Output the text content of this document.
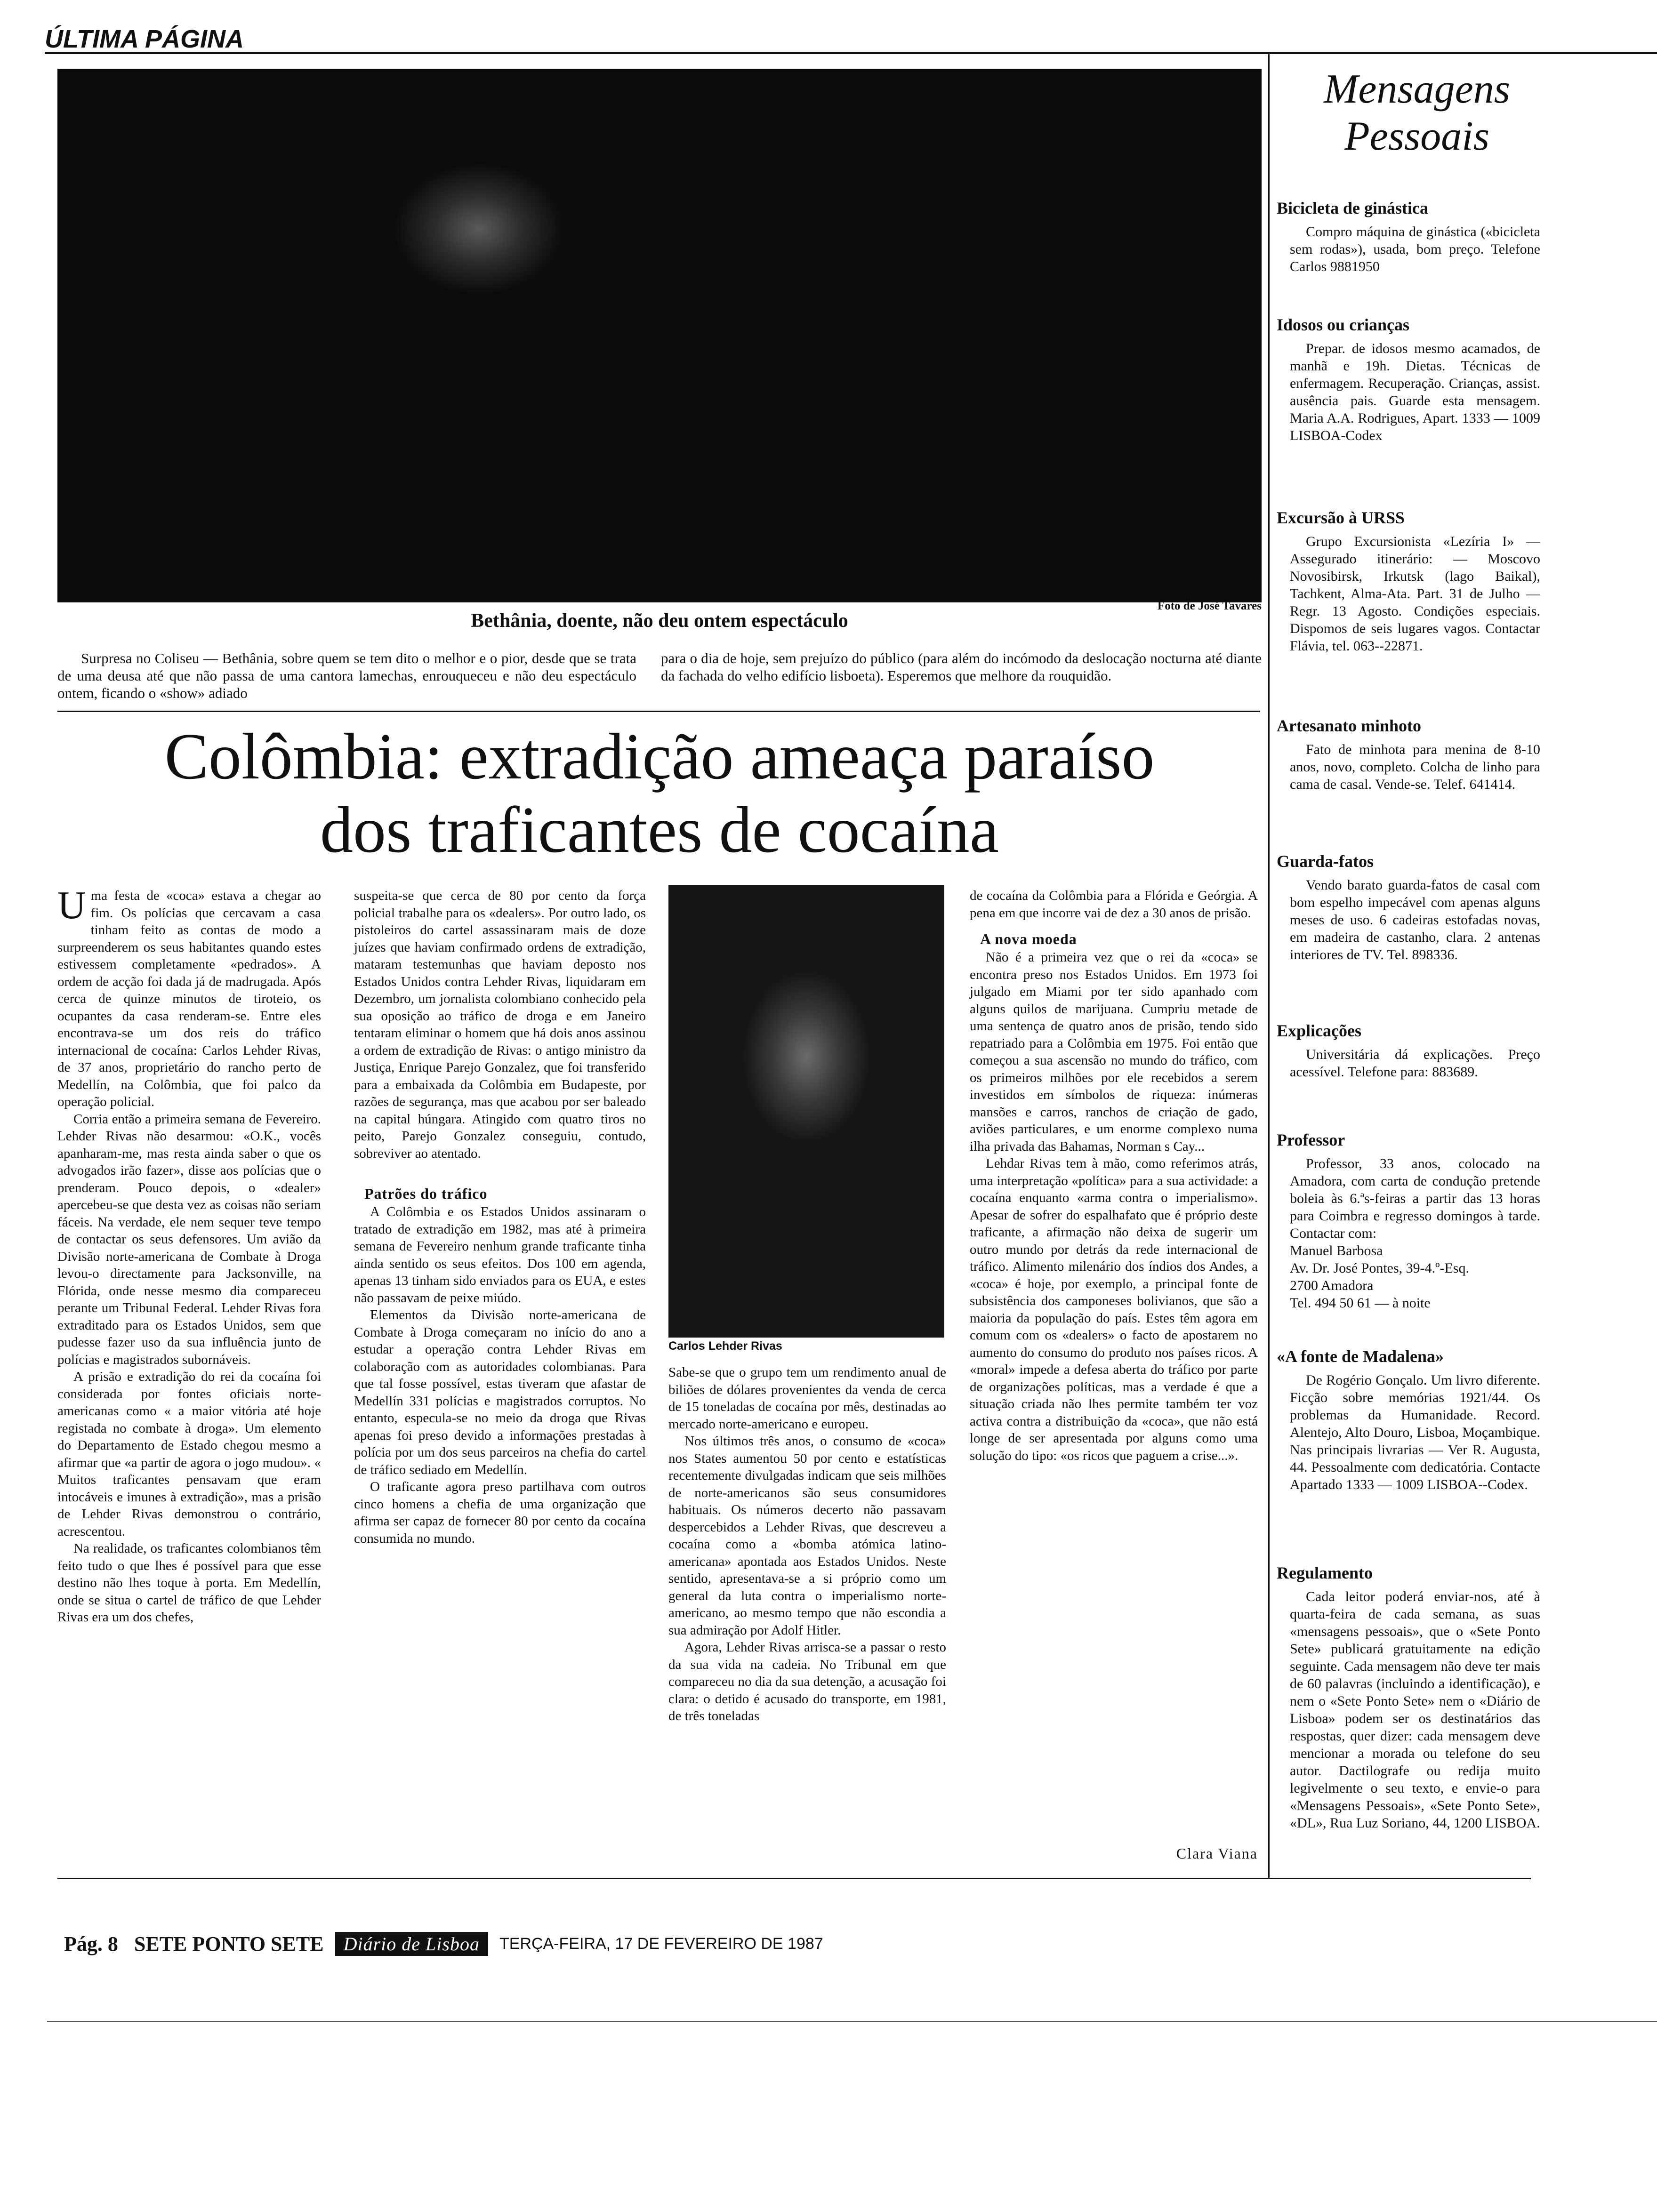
ÚLTIMA PÁGINA
Foto de José Tavares
Bethânia, doente, não deu ontem espectáculo
Surpresa no Coliseu — Bethânia, sobre quem se tem dito o melhor e o pior, desde que se trata de uma deusa até que não passa de uma cantora lamechas, enrouqueceu e não deu espectáculo ontem, ficando o «show» adiado
para o dia de hoje, sem prejuízo do público (para além do incómodo da deslocação nocturna até diante da fachada do velho edifício lisboeta). Esperemos que melhore da rouquidão.
Colômbia: extradição ameaça paraíso
dos traficantes de cocaína

Uma festa de «coca» estava a chegar ao fim. Os polícias que cercavam a casa tinham feito as contas de modo a surpreenderem os seus habitantes quando estes estivessem completamente «pedrados». A ordem de acção foi dada já de madrugada. Após cerca de quinze minutos de tiroteio, os ocupantes da casa renderam-se. Entre eles encontrava-se um dos reis do tráfico internacional de cocaína: Carlos Lehder Rivas, de 37 anos, proprietário do rancho perto de Medellín, na Colômbia, que foi palco da operação policial.

Corria então a primeira semana de Fevereiro. Lehder Rivas não desarmou: «O.K., vocês apanharam-me, mas resta ainda saber o que os advogados irão fazer», disse aos polícias que o prenderam. Pouco depois, o «dealer» apercebeu-se que desta vez as coisas não seriam fáceis. Na verdade, ele nem sequer teve tempo de contactar os seus defensores. Um avião da Divisão norte-americana de Combate à Droga levou-o directamente para Jacksonville, na Flórida, onde nesse mesmo dia compareceu perante um Tribunal Federal. Lehder Rivas fora extraditado para os Estados Unidos, sem que pudesse fazer uso da sua influência junto de polícias e magistrados subornáveis.

A prisão e extradição do rei da cocaína foi considerada por fontes oficiais norte-americanas como « a maior vitória até hoje registada no combate à droga». Um elemento do Departamento de Estado chegou mesmo a afirmar que «a partir de agora o jogo mudou». « Muitos traficantes pensavam que eram intocáveis e imunes à extradição», mas a prisão de Lehder Rivas demonstrou o contrário, acrescentou.

Na realidade, os traficantes colombianos têm feito tudo o que lhes é possível para que esse destino não lhes toque à porta. Em Medellín, onde se situa o cartel de tráfico de que Lehder Rivas era um dos chefes,

suspeita-se que cerca de 80 por cento da força policial trabalhe para os «dealers». Por outro lado, os pistoleiros do cartel assassinaram mais de doze juízes que haviam confirmado ordens de extradição, mataram testemunhas que haviam deposto nos Estados Unidos contra Lehder Rivas, liquidaram em Dezembro, um jornalista colombiano conhecido pela sua oposição ao tráfico de droga e em Janeiro tentaram eliminar o homem que há dois anos assinou a ordem de extradição de Rivas: o antigo ministro da Justiça, Enrique Parejo Gonzalez, que foi transferido para a embaixada da Colômbia em Budapeste, por razões de segurança, mas que acabou por ser baleado na capital húngara. Atingido com quatro tiros no peito, Parejo Gonzalez conseguiu, contudo, sobreviver ao atentado.

Patrões do tráfico

A Colômbia e os Estados Unidos assinaram o tratado de extradição em 1982, mas até à primeira semana de Fevereiro nenhum grande traficante tinha ainda sentido os seus efeitos. Dos 100 em agenda, apenas 13 tinham sido enviados para os EUA, e estes não passavam de peixe miúdo.

Elementos da Divisão norte-americana de Combate à Droga começaram no início do ano a estudar a operação contra Lehder Rivas em colaboração com as autoridades colombianas. Para que tal fosse possível, estas tiveram que afastar de Medellín 331 polícias e magistrados corruptos. No entanto, especula-se no meio da droga que Rivas apenas foi preso devido a informações prestadas à polícia por um dos seus parceiros na chefia do cartel de tráfico sediado em Medellín.

O traficante agora preso partilhava com outros cinco homens a chefia de uma organização que afirma ser capaz de fornecer 80 por cento da cocaína consumida no mundo.

Carlos Lehder Rivas

Sabe-se que o grupo tem um rendimento anual de biliões de dólares provenientes da venda de cerca de 15 toneladas de cocaína por mês, destinadas ao mercado norte-americano e europeu.

Nos últimos três anos, o consumo de «coca» nos States aumentou 50 por cento e estatísticas recentemente divulgadas indicam que seis milhões de norte-americanos são seus consumidores habituais. Os números decerto não passavam despercebidos a Lehder Rivas, que descreveu a cocaína como a «bomba atómica latino-americana» apontada aos Estados Unidos. Neste sentido, apresentava-se a si próprio como um general da luta contra o imperialismo norte-americano, ao mesmo tempo que não escondia a sua admiração por Adolf Hitler.

Agora, Lehder Rivas arrisca-se a passar o resto da sua vida na cadeia. No Tribunal em que compareceu no dia da sua detenção, a acusação foi clara: o detido é acusado do transporte, em 1981, de três toneladas

de cocaína da Colômbia para a Flórida e Geórgia. A pena em que incorre vai de dez a 30 anos de prisão.

A nova moeda

Não é a primeira vez que o rei da «coca» se encontra preso nos Estados Unidos. Em 1973 foi julgado em Miami por ter sido apanhado com alguns quilos de marijuana. Cumpriu metade de uma sentença de quatro anos de prisão, tendo sido repatriado para a Colômbia em 1975. Foi então que começou a sua ascensão no mundo do tráfico, com os primeiros milhões por ele recebidos a serem investidos em símbolos de riqueza: inúmeras mansões e carros, ranchos de criação de gado, aviões particulares, e um enorme complexo numa ilha privada das Bahamas, Norman s Cay...

Lehdar Rivas tem à mão, como referimos atrás, uma interpretação «política» para a sua actividade: a cocaína enquanto «arma contra o imperialismo». Apesar de sofrer do espalhafato que é próprio deste traficante, a afirmação não deixa de sugerir um outro mundo por detrás da rede internacional de tráfico. Alimento milenário dos índios dos Andes, a «coca» é hoje, por exemplo, a principal fonte de subsistência dos camponeses bolivianos, que são a maioria da população do país. Estes têm agora em comum com os «dealers» o facto de apostarem no aumento do consumo do produto nos países ricos. A «moral» impede a defesa aberta do tráfico por parte de organizações políticas, mas a verdade é que a situação criada não lhes permite também ter voz activa contra a distribuição da «coca», que não está longe de ser apresentada por alguns como uma solução do tipo: «os ricos que paguem a crise...».

Clara Viana
Mensagens
Pessoais
Bicicleta de ginástica
Compro máquina de ginástica («bicicleta sem rodas»), usada, bom preço. Telefone Carlos 9881950
Idosos ou crianças
Prepar. de idosos mesmo acamados, de manhã e 19h. Dietas. Técnicas de enfermagem. Recuperação. Crianças, assist. ausência pais. Guarde esta mensagem. Maria A.A. Rodrigues, Apart. 1333 — 1009 LISBOA-Codex
Excursão à URSS
Grupo Excursionista «Lezíria I» — Assegurado itinerário: — Moscovo Novosibirsk, Irkutsk (lago Baikal), Tachkent, Alma-Ata. Part. 31 de Julho — Regr. 13 Agosto. Condições especiais. Dispomos de seis lugares vagos. Contactar Flávia, tel. 063--22871.
Artesanato minhoto
Fato de minhota para menina de 8-10 anos, novo, completo. Colcha de linho para cama de casal. Vende-se. Telef. 641414.
Guarda-fatos
Vendo barato guarda-fatos de casal com bom espelho impecável com apenas alguns meses de uso. 6 cadeiras estofadas novas, em madeira de castanho, clara. 2 antenas interiores de TV. Tel. 898336.
Explicações
Universitária dá explicações. Preço acessível. Telefone para: 883689.
Professor
Professor, 33 anos, colocado na Amadora, com carta de condução pretende boleia às 6.ªs-feiras a partir das 13 horas para Coimbra e regresso domingos à tarde. Contactar com:
Manuel Barbosa
Av. Dr. José Pontes, 39-4.º-Esq.
2700 Amadora
Tel. 494 50 61 — à noite
«A fonte de Madalena»
De Rogério Gonçalo. Um livro diferente. Ficção sobre memórias 1921/44. Os problemas da Humanidade. Record. Alentejo, Alto Douro, Lisboa, Moçambique. Nas principais livrarias — Ver R. Augusta, 44. Pessoalmente com dedicatória. Contacte Apartado 1333 — 1009 LISBOA--Codex.
Regulamento
Cada leitor poderá enviar-nos, até à quarta-feira de cada semana, as suas «mensagens pessoais», que o «Sete Ponto Sete» publicará gratuitamente na edição seguinte. Cada mensagem não deve ter mais de 60 palavras (incluindo a identificação), e nem o «Sete Ponto Sete» nem o «Diário de Lisboa» podem ser os destinatários das respostas, quer dizer: cada mensagem deve mencionar a morada ou telefone do seu autor. Dactilografe ou redija muito legivelmente o seu texto, e envie-o para «Mensagens Pessoais», «Sete Ponto Sete», «DL», Rua Luz Soriano, 44, 1200 LISBOA.
Pág. 8 SETE PONTO SETE	Diário de Lisboa	TERÇA-FEIRA, 17 DE FEVEREIRO DE 1987
